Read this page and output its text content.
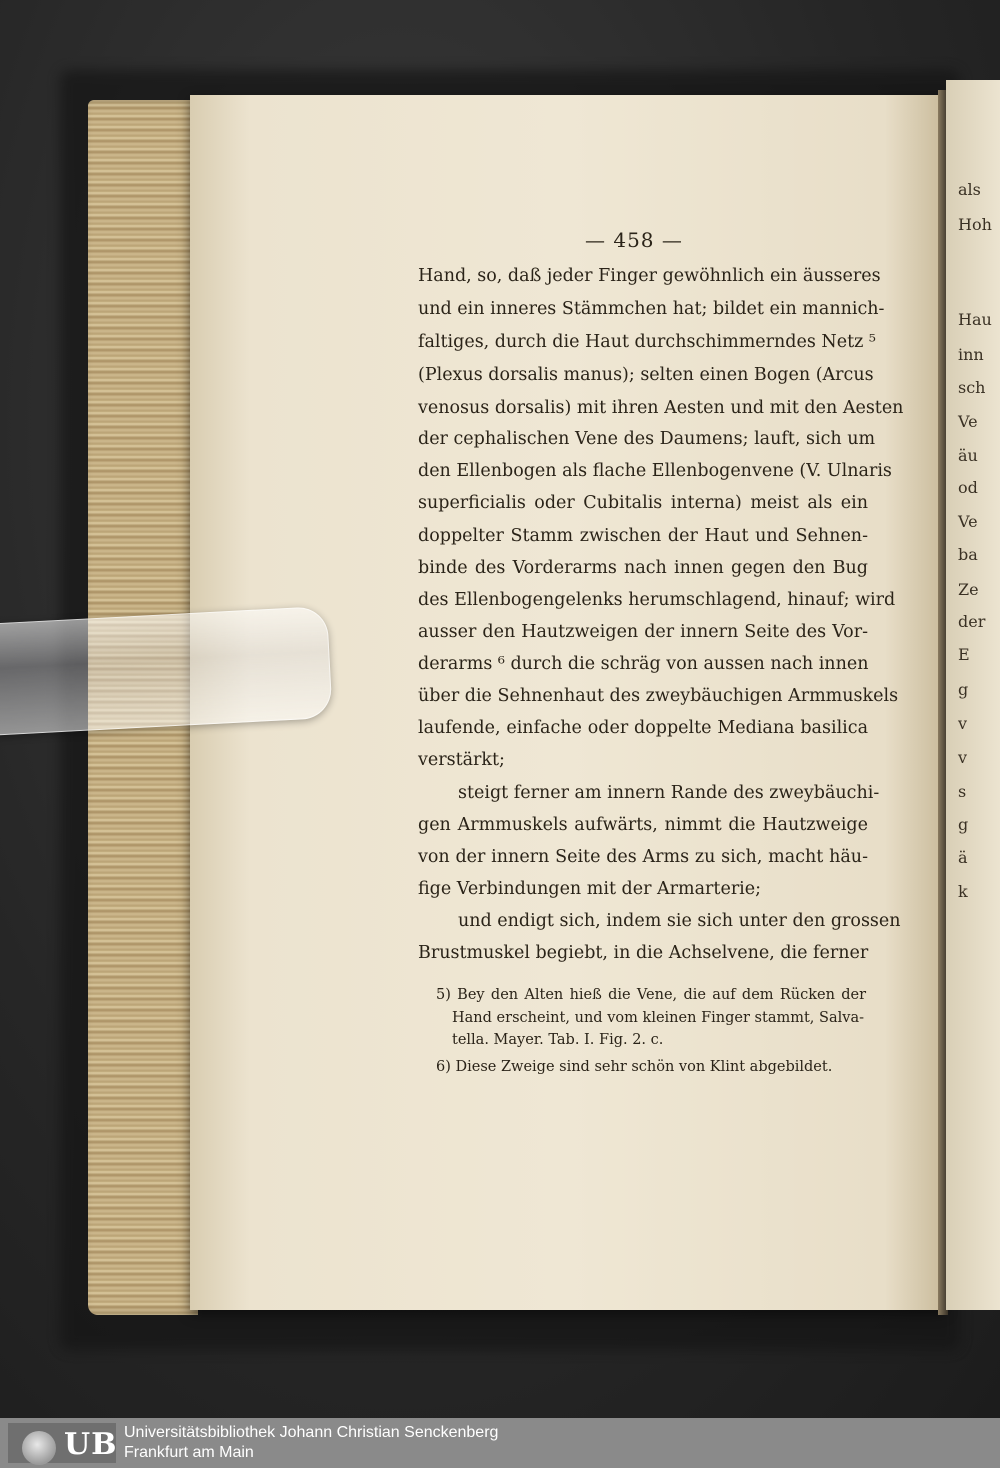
als
Hoh
Hau
inn
sch
Ve
äu
od
Ve
ba
Ze
der
E
g
v
v
s
g
ä
k
— 458 —
Hand, so, daß jeder Finger gewöhnlich ein äusseres
und ein inneres Stämmchen hat; bildet ein mannich-
faltiges, durch die Haut durchschimmerndes Netz ⁵
(Plexus dorsalis manus); selten einen Bogen (Arcus
venosus dorsalis) mit ihren Aesten und mit den Aesten
der cephalischen Vene des Daumens; lauft, sich um
den Ellenbogen als flache Ellenbogenvene (V. Ulnaris
superficialis oder Cubitalis interna) meist als ein
doppelter Stamm zwischen der Haut und Sehnen-
binde des Vorderarms nach innen gegen den Bug
des Ellenbogengelenks herumschlagend, hinauf; wird
ausser den Hautzweigen der innern Seite des Vor-
derarms ⁶ durch die schräg von aussen nach innen
über die Sehnenhaut des zweybäuchigen Armmuskels
laufende, einfache oder doppelte Mediana basilica
verstärkt;
steigt ferner am innern Rande des zweybäuchi-
gen Armmuskels aufwärts, nimmt die Hautzweige
von der innern Seite des Arms zu sich, macht häu-
fige Verbindungen mit der Armarterie;
und endigt sich, indem sie sich unter den grossen
Brustmuskel begiebt, in die Achselvene, die ferner
5) Bey den Alten hieß die Vene, die auf dem Rücken der
Hand erscheint, und vom kleinen Finger stammt, Salva-
tella. Mayer. Tab. I. Fig. 2. c.
6) Diese Zweige sind sehr schön von Klint abgebildet.
UB Universitätsbibliothek Johann Christian Senckenberg
Frankfurt am Main
